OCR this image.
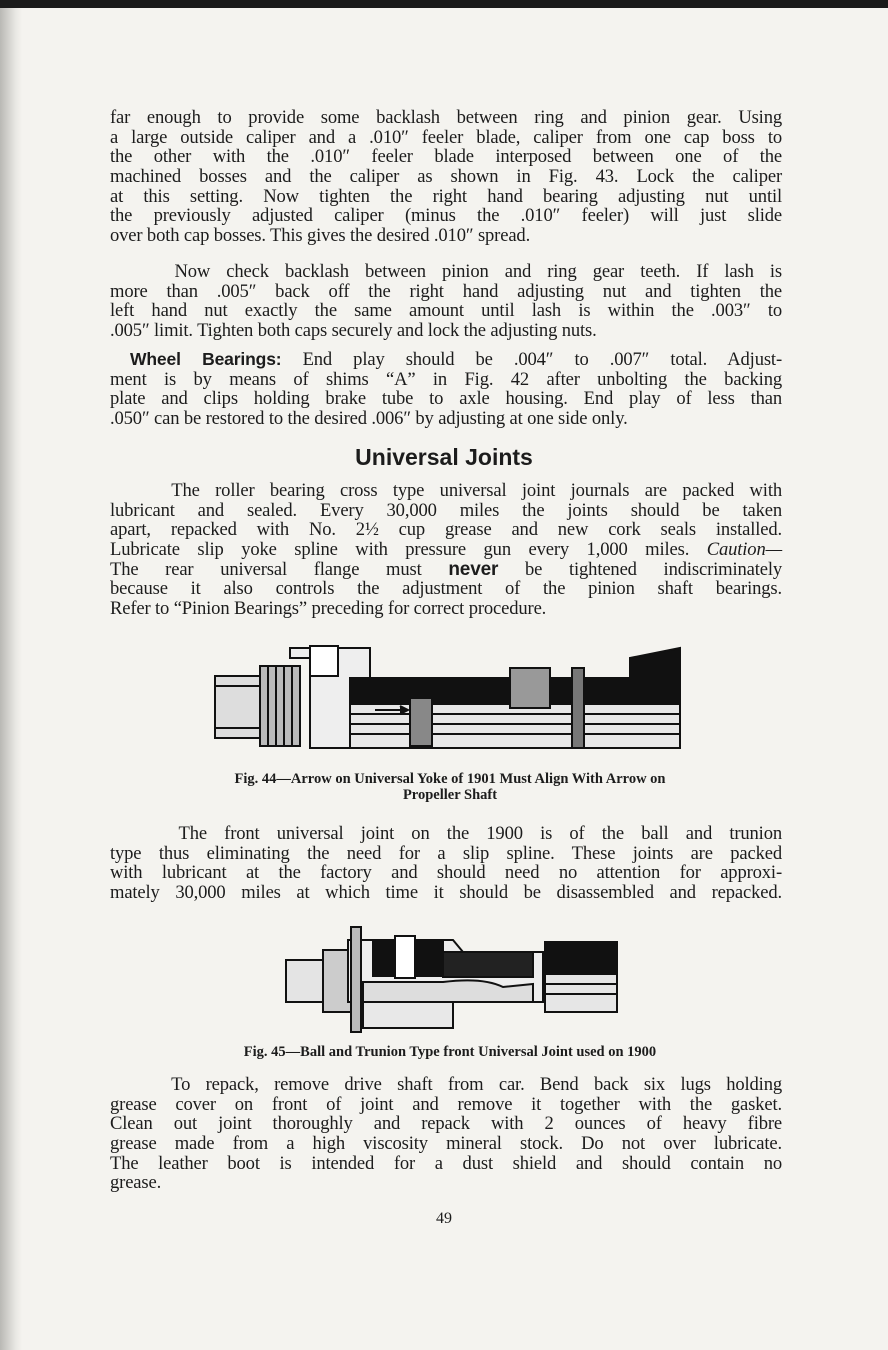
far enough to provide some backlash between ring and pinion gear. Using
a large outside caliper and a .010″ feeler blade, caliper from one cap boss to
the other with the .010″ feeler blade interposed between one of the
machined bosses and the caliper as shown in Fig. 43. Lock the caliper
at this setting. Now tighten the right hand bearing adjusting nut until
the previously adjusted caliper (minus the .010″ feeler) will just slide
over both cap bosses. This gives the desired .010″ spread.
Now check backlash between pinion and ring gear teeth. If lash is
more than .005″ back off the right hand adjusting nut and tighten the
left hand nut exactly the same amount until lash is within the .003″ to
.005″ limit. Tighten both caps securely and lock the adjusting nuts.
Wheel Bearings: End play should be .004″ to .007″ total. Adjust-
ment is by means of shims “A” in Fig. 42 after unbolting the backing
plate and clips holding brake tube to axle housing. End play of less than
.050″ can be restored to the desired .006″ by adjusting at one side only.
Universal Joints
The roller bearing cross type universal joint journals are packed with
lubricant and sealed. Every 30,000 miles the joints should be taken
apart, repacked with No. 2½ cup grease and new cork seals installed.
Lubricate slip yoke spline with pressure gun every 1,000 miles. Caution—
The rear universal flange must never be tightened indiscriminately
because it also controls the adjustment of the pinion shaft bearings.
Refer to “Pinion Bearings” preceding for correct procedure.
Fig. 44—Arrow on Universal Yoke of 1901 Must Align With Arrow on
Propeller Shaft
The front universal joint on the 1900 is of the ball and trunion
type thus eliminating the need for a slip spline. These joints are packed
with lubricant at the factory and should need no attention for approxi-
mately 30,000 miles at which time it should be disassembled and repacked.
Fig. 45—Ball and Trunion Type front Universal Joint used on 1900
To repack, remove drive shaft from car. Bend back six lugs holding
grease cover on front of joint and remove it together with the gasket.
Clean out joint thoroughly and repack with 2 ounces of heavy fibre
grease made from a high viscosity mineral stock. Do not over lubricate.
The leather boot is intended for a dust shield and should contain no
grease.
49
